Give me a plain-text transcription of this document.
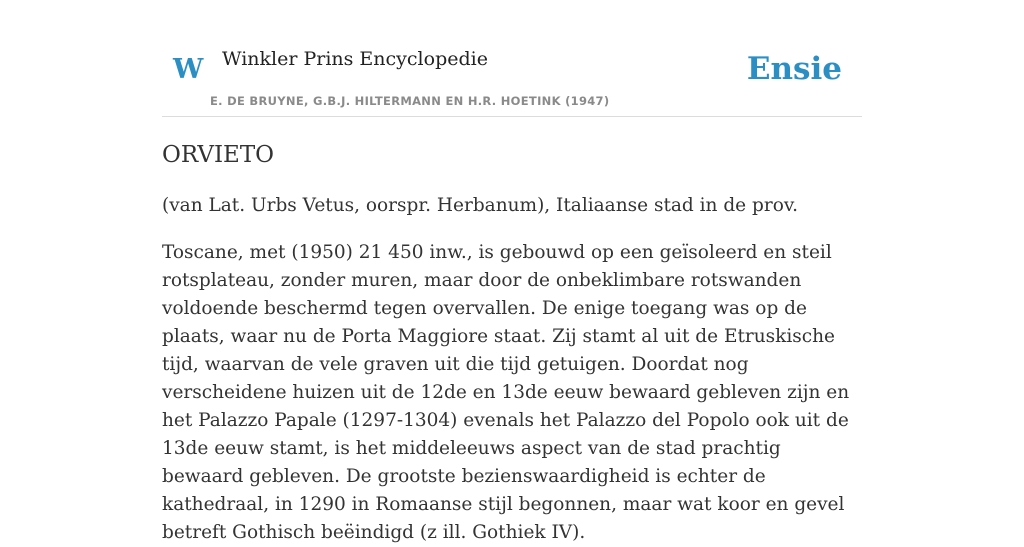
W Winkler Prins Encyclopedie
E. DE BRUYNE, G.B.J. HILTERMANN EN H.R. HOETINK (1947)
Ensie
ORVIETO

(van Lat. Urbs Vetus, oorspr. Herbanum), Italiaanse stad in de prov.

Toscane, met (1950) 21 450 inw., is gebouwd op een geïsoleerd en steil rotsplateau, zonder muren, maar door de onbeklimbare rotswanden voldoende beschermd tegen overvallen. De enige toegang was op de plaats, waar nu de Porta Maggiore staat. Zij stamt al uit de Etruskische tijd, waarvan de vele graven uit die tijd getuigen. Doordat nog verscheidene huizen uit de 12de en 13de eeuw bewaard gebleven zijn en het Palazzo Papale (1297-1304) evenals het Palazzo del Popolo ook uit de 13de eeuw stamt, is het middeleeuws aspect van de stad prachtig bewaard gebleven. De grootste bezienswaardigheid is echter de kathedraal, in 1290 in Romaanse stijl begonnen, maar wat koor en gevel betreft Gothisch beëindigd (z ill. Gothiek IV).
